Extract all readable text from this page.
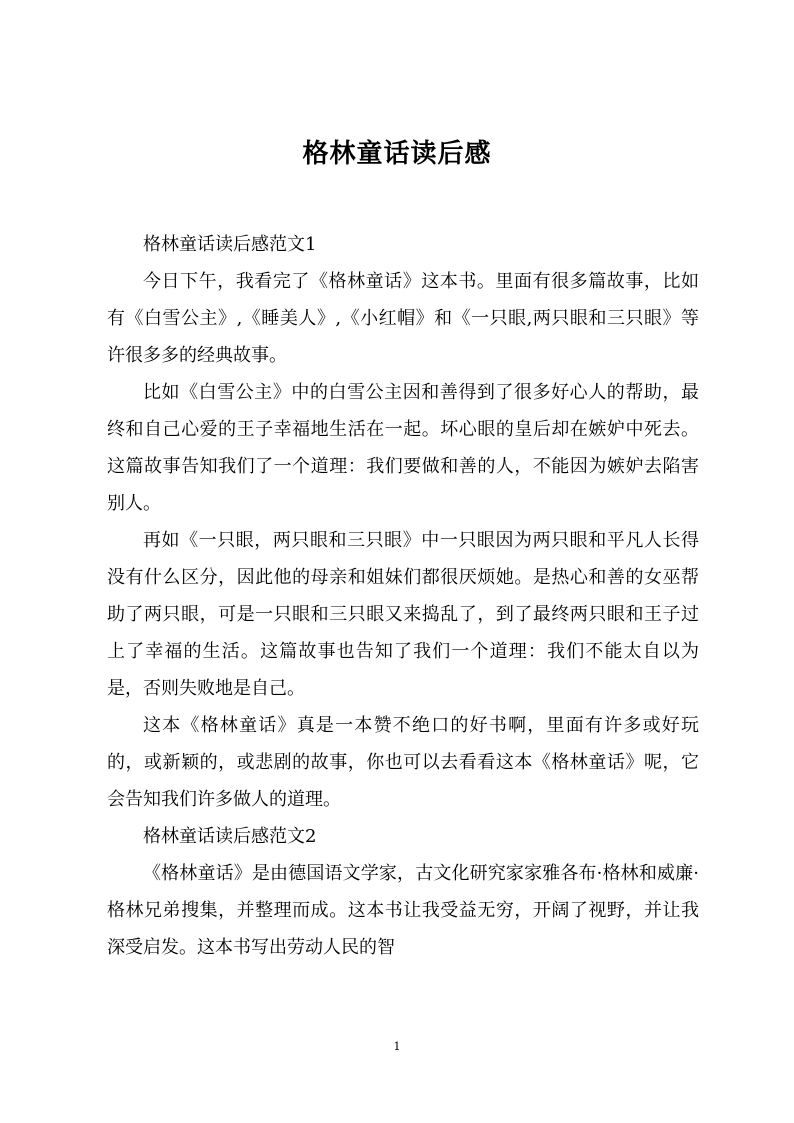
格林童话读后感

格林童话读后感范文1

今日下午，我看完了《格林童话》这本书。里面有很多篇故事，比如有《白雪公主》,《睡美人》,《小红帽》和《一只眼,两只眼和三只眼》等许很多多的经典故事。

比如《白雪公主》中的白雪公主因和善得到了很多好心人的帮助，最终和自己心爱的王子幸福地生活在一起。坏心眼的皇后却在嫉妒中死去。这篇故事告知我们了一个道理：我们要做和善的人，不能因为嫉妒去陷害别人。

再如《一只眼，两只眼和三只眼》中一只眼因为两只眼和平凡人长得没有什么区分，因此他的母亲和姐妹们都很厌烦她。是热心和善的女巫帮助了两只眼，可是一只眼和三只眼又来捣乱了，到了最终两只眼和王子过上了幸福的生活。这篇故事也告知了我们一个道理：我们不能太自以为是，否则失败地是自己。

这本《格林童话》真是一本赞不绝口的好书啊，里面有许多或好玩的，或新颖的，或悲剧的故事，你也可以去看看这本《格林童话》呢，它会告知我们许多做人的道理。

格林童话读后感范文2

《格林童话》是由德国语文学家，古文化研究家家雅各布·格林和威廉·格林兄弟搜集，并整理而成。这本书让我受益无穷，开阔了视野，并让我深受启发。这本书写出劳动人民的智

1
